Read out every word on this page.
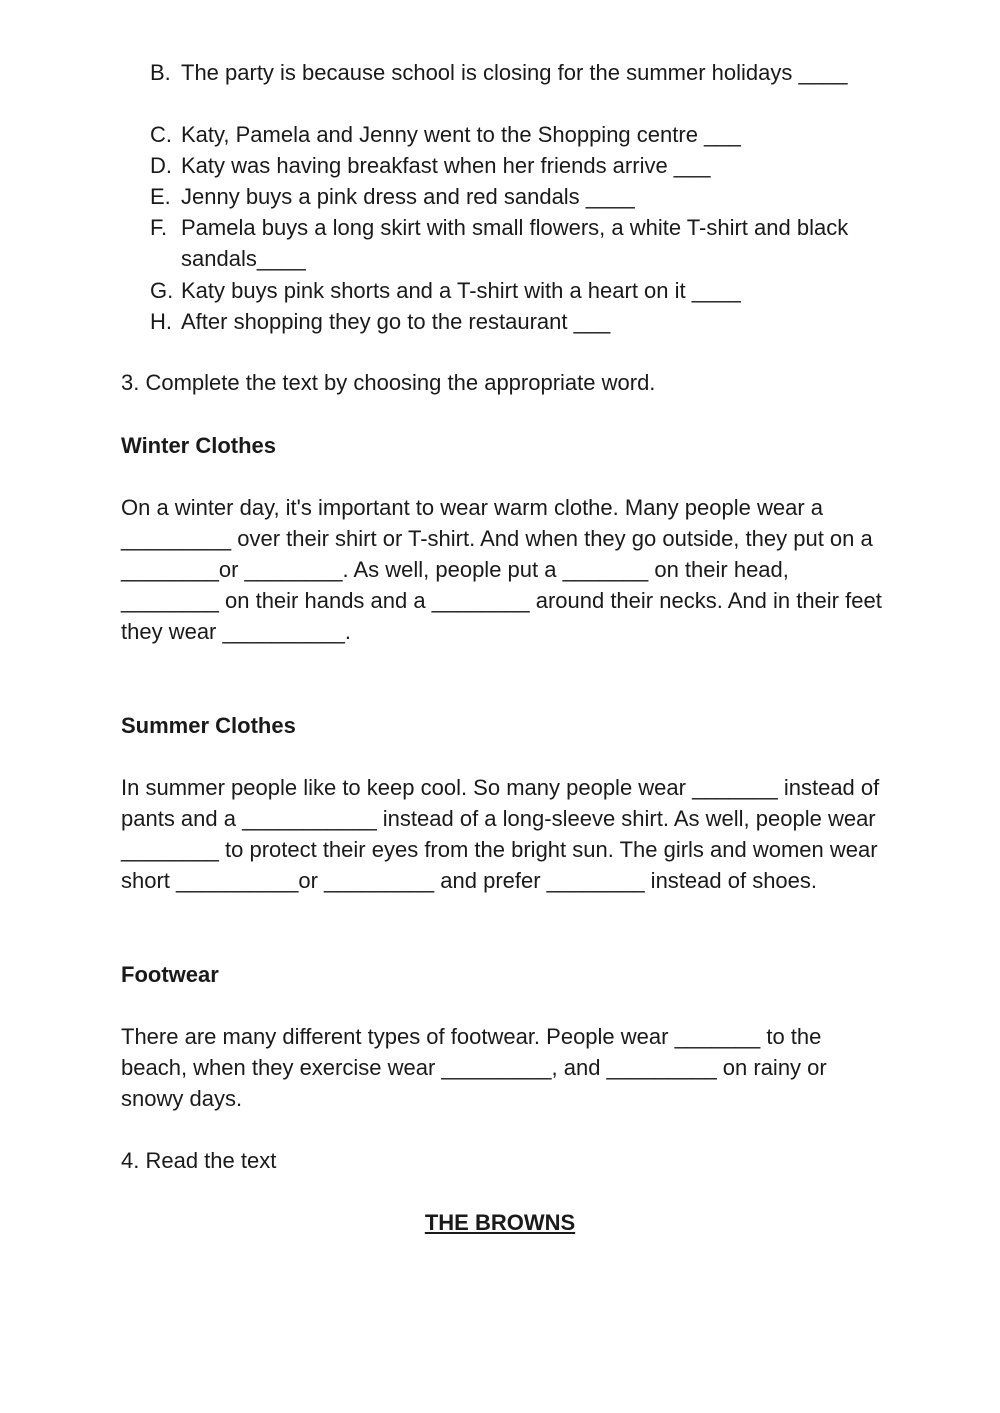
B. The party is because school is closing for the summer holidays ____
C. Katy, Pamela and Jenny went to the Shopping centre ___
D. Katy was having breakfast when her friends arrive ___
E. Jenny buys a pink dress and red sandals ____
F. Pamela buys a long skirt with small flowers, a white T-shirt and black sandals____
G. Katy buys pink shorts and a T-shirt with a heart on it ____
H. After shopping they go to the restaurant ___

3. Complete the text by choosing the appropriate word.

Winter Clothes

On a winter day, it's important to wear warm clothe. Many people wear a _________ over their shirt or T-shirt. And when they go outside, they put on a ________or ________. As well, people put a _______ on their head, ________ on their hands and a ________ around their necks. And in their feet they wear __________.

Summer Clothes

In summer people like to keep cool. So many people wear _______ instead of pants and a ___________ instead of a long-sleeve shirt. As well, people wear ________ to protect their eyes from the bright sun. The girls and women wear short __________or _________ and prefer ________ instead of shoes.

Footwear

There are many different types of footwear. People wear _______ to the beach, when they exercise wear _________, and _________ on rainy or snowy days.

4. Read the text

THE BROWNS
